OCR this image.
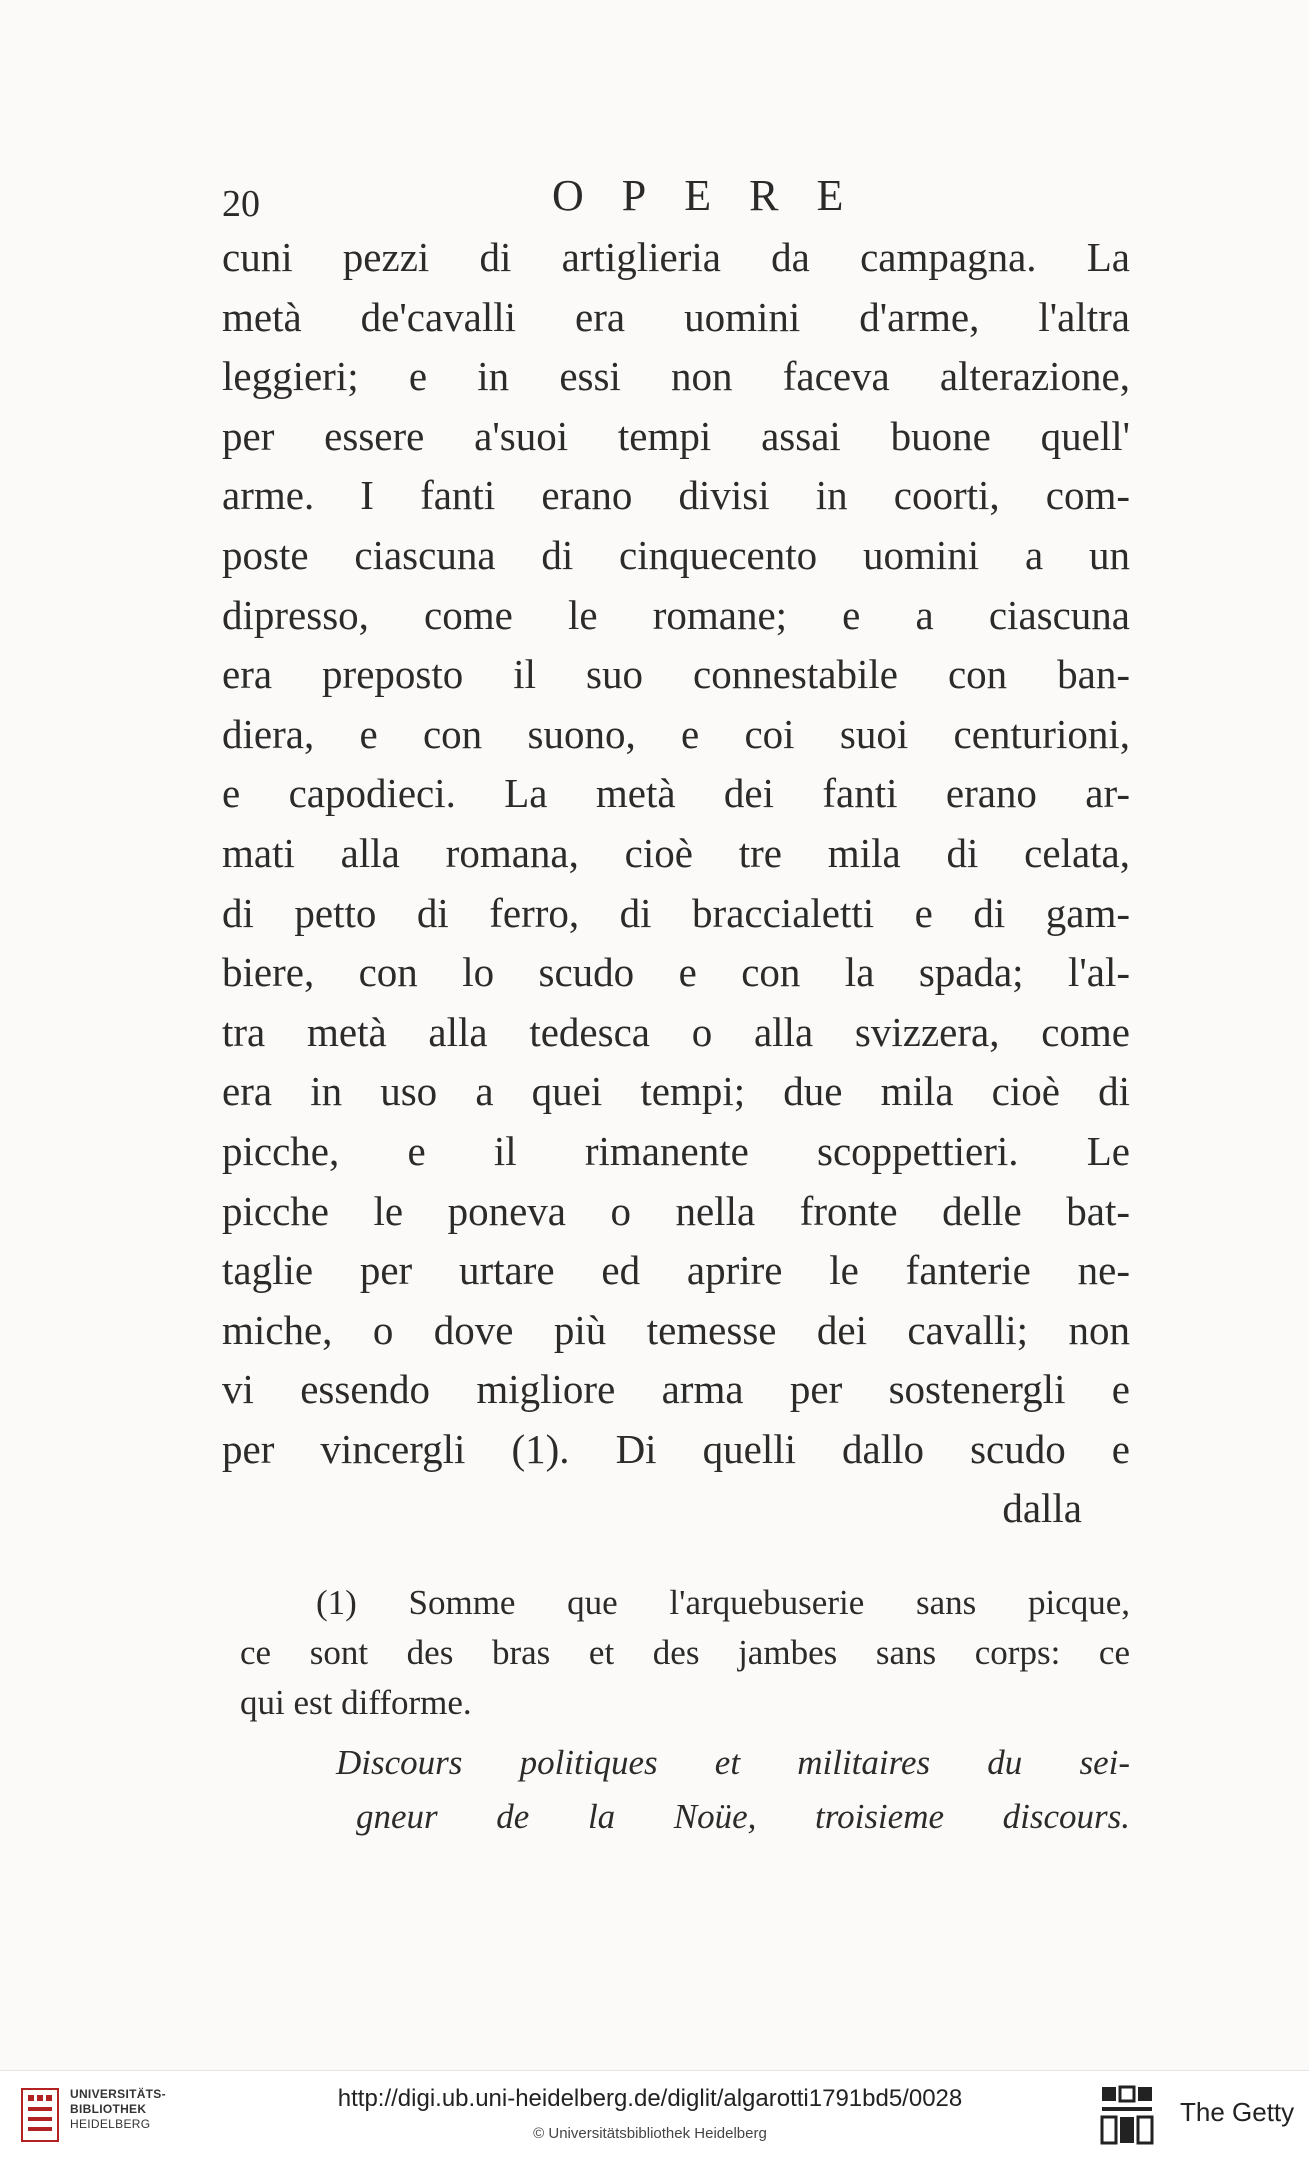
20	OPERE
cuni pezzi di artiglieria da campagna. La
metà de'cavalli era uomini d'arme, l'altra
leggieri; e in essi non faceva alterazione,
per essere a'suoi tempi assai buone quell'
arme. I fanti erano divisi in coorti, com-
poste ciascuna di cinquecento uomini a un
dipresso, come le romane; e a ciascuna
era preposto il suo connestabile con ban-
diera, e con suono, e coi suoi centurioni,
e capodieci. La metà dei fanti erano ar-
mati alla romana, cioè tre mila di celata,
di petto di ferro, di braccialetti e di gam-
biere, con lo scudo e con la spada; l'al-
tra metà alla tedesca o alla svizzera, come
era in uso a quei tempi; due mila cioè di
picche, e il rimanente scoppettieri. Le
picche le poneva o nella fronte delle bat-
taglie per urtare ed aprire le fanterie ne-
miche, o dove più temesse dei cavalli; non
vi essendo migliore arma per sostenergli e
per vincergli (1). Di quelli dallo scudo e
dalla
(1) Somme que l'arquebuserie sans picque,
ce sont des bras et des jambes sans corps: ce
qui est difforme.
Discours politiques et militaires du sei-
gneur de la Noüe, troisieme discours.
UNIVERSITÄTS-
BIBLIOTHEK
HEIDELBERG
http://digi.ub.uni-heidelberg.de/diglit/algarotti1791bd5/0028
© Universitätsbibliothek Heidelberg
The Getty
